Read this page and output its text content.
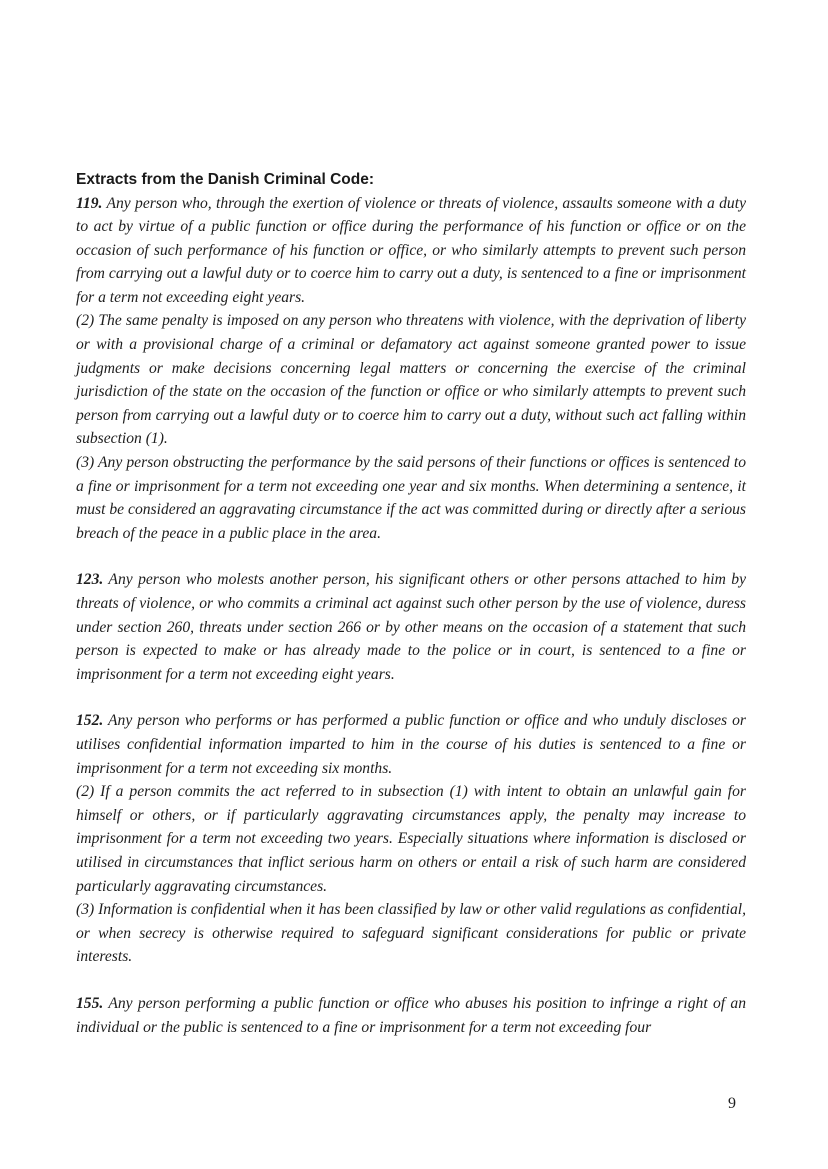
Extracts from the Danish Criminal Code:

119. Any person who, through the exertion of violence or threats of violence, assaults someone with a duty to act by virtue of a public function or office during the performance of his function or office or on the occasion of such performance of his function or office, or who similarly attempts to prevent such person from carrying out a lawful duty or to coerce him to carry out a duty, is sentenced to a fine or imprisonment for a term not exceeding eight years.

(2) The same penalty is imposed on any person who threatens with violence, with the deprivation of liberty or with a provisional charge of a criminal or defamatory act against someone granted power to issue judgments or make decisions concerning legal matters or concerning the exercise of the criminal jurisdiction of the state on the occasion of the function or office or who similarly attempts to prevent such person from carrying out a lawful duty or to coerce him to carry out a duty, without such act falling within subsection (1).

(3) Any person obstructing the performance by the said persons of their functions or offices is sentenced to a fine or imprisonment for a term not exceeding one year and six months. When determining a sentence, it must be considered an aggravating circumstance if the act was committed during or directly after a serious breach of the peace in a public place in the area.

123. Any person who molests another person, his significant others or other persons attached to him by threats of violence, or who commits a criminal act against such other person by the use of violence, duress under section 260, threats under section 266 or by other means on the occasion of a statement that such person is expected to make or has already made to the police or in court, is sentenced to a fine or imprisonment for a term not exceeding eight years.

152. Any person who performs or has performed a public function or office and who unduly discloses or utilises confidential information imparted to him in the course of his duties is sentenced to a fine or imprisonment for a term not exceeding six months.

(2) If a person commits the act referred to in subsection (1) with intent to obtain an unlawful gain for himself or others, or if particularly aggravating circumstances apply, the penalty may increase to imprisonment for a term not exceeding two years. Especially situations where information is disclosed or utilised in circumstances that inflict serious harm on others or entail a risk of such harm are considered particularly aggravating circumstances.

(3) Information is confidential when it has been classified by law or other valid regulations as confidential, or when secrecy is otherwise required to safeguard significant considerations for public or private interests.

155. Any person performing a public function or office who abuses his position to infringe a right of an individual or the public is sentenced to a fine or imprisonment for a term not exceeding four

9
